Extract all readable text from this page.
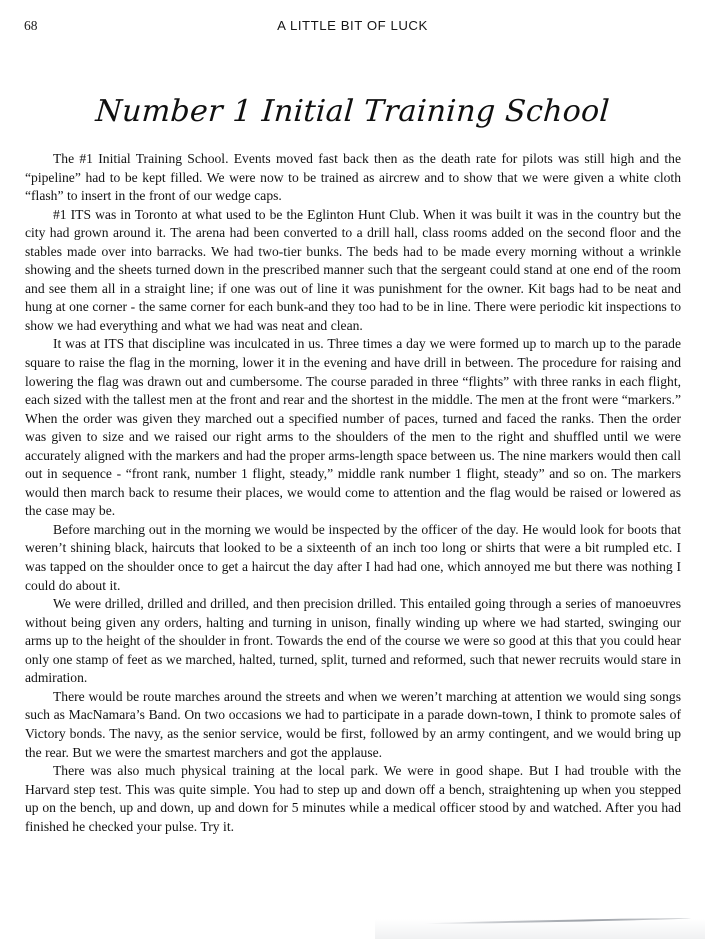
68	A LITTLE BIT OF LUCK
Number 1 Initial Training School

The #1 Initial Training School. Events moved fast back then as the death rate for pilots was still high and the “pipeline” had to be kept filled. We were now to be trained as aircrew and to show that we were given a white cloth “flash” to insert in the front of our wedge caps.

#1 ITS was in Toronto at what used to be the Eglinton Hunt Club. When it was built it was in the country but the city had grown around it. The arena had been converted to a drill hall, class rooms added on the second floor and the stables made over into barracks. We had two-tier bunks. The beds had to be made every morning without a wrinkle showing and the sheets turned down in the prescribed manner such that the sergeant could stand at one end of the room and see them all in a straight line; if one was out of line it was punishment for the owner. Kit bags had to be neat and hung at one corner - the same corner for each bunk-and they too had to be in line. There were periodic kit inspections to show we had everything and what we had was neat and clean.

It was at ITS that discipline was inculcated in us. Three times a day we were formed up to march up to the parade square to raise the flag in the morning, lower it in the evening and have drill in between. The procedure for raising and lowering the flag was drawn out and cumbersome. The course paraded in three “flights” with three ranks in each flight, each sized with the tallest men at the front and rear and the shortest in the middle. The men at the front were “markers.” When the order was given they marched out a specified number of paces, turned and faced the ranks. Then the order was given to size and we raised our right arms to the shoulders of the men to the right and shuffled until we were accurately aligned with the markers and had the proper arms-length space between us. The nine markers would then call out in sequence - “front rank, number 1 flight, steady,” middle rank number 1 flight, steady” and so on. The markers would then march back to resume their places, we would come to attention and the flag would be raised or lowered as the case may be.

Before marching out in the morning we would be inspected by the officer of the day. He would look for boots that weren’t shining black, haircuts that looked to be a sixteenth of an inch too long or shirts that were a bit rumpled etc. I was tapped on the shoulder once to get a haircut the day after I had had one, which annoyed me but there was nothing I could do about it.

We were drilled, drilled and drilled, and then precision drilled. This entailed going through a series of manoeuvres without being given any orders, halting and turning in unison, finally winding up where we had started, swinging our arms up to the height of the shoulder in front. Towards the end of the course we were so good at this that you could hear only one stamp of feet as we marched, halted, turned, split, turned and reformed, such that newer recruits would stare in admiration.

There would be route marches around the streets and when we weren’t marching at attention we would sing songs such as MacNamara’s Band. On two occasions we had to participate in a parade down-town, I think to promote sales of Victory bonds. The navy, as the senior service, would be first, followed by an army contingent, and we would bring up the rear. But we were the smartest marchers and got the applause.

There was also much physical training at the local park. We were in good shape. But I had trouble with the Harvard step test. This was quite simple. You had to step up and down off a bench, straightening up when you stepped up on the bench, up and down, up and down for 5 minutes while a medical officer stood by and watched. After you had finished he checked your pulse. Try it.
